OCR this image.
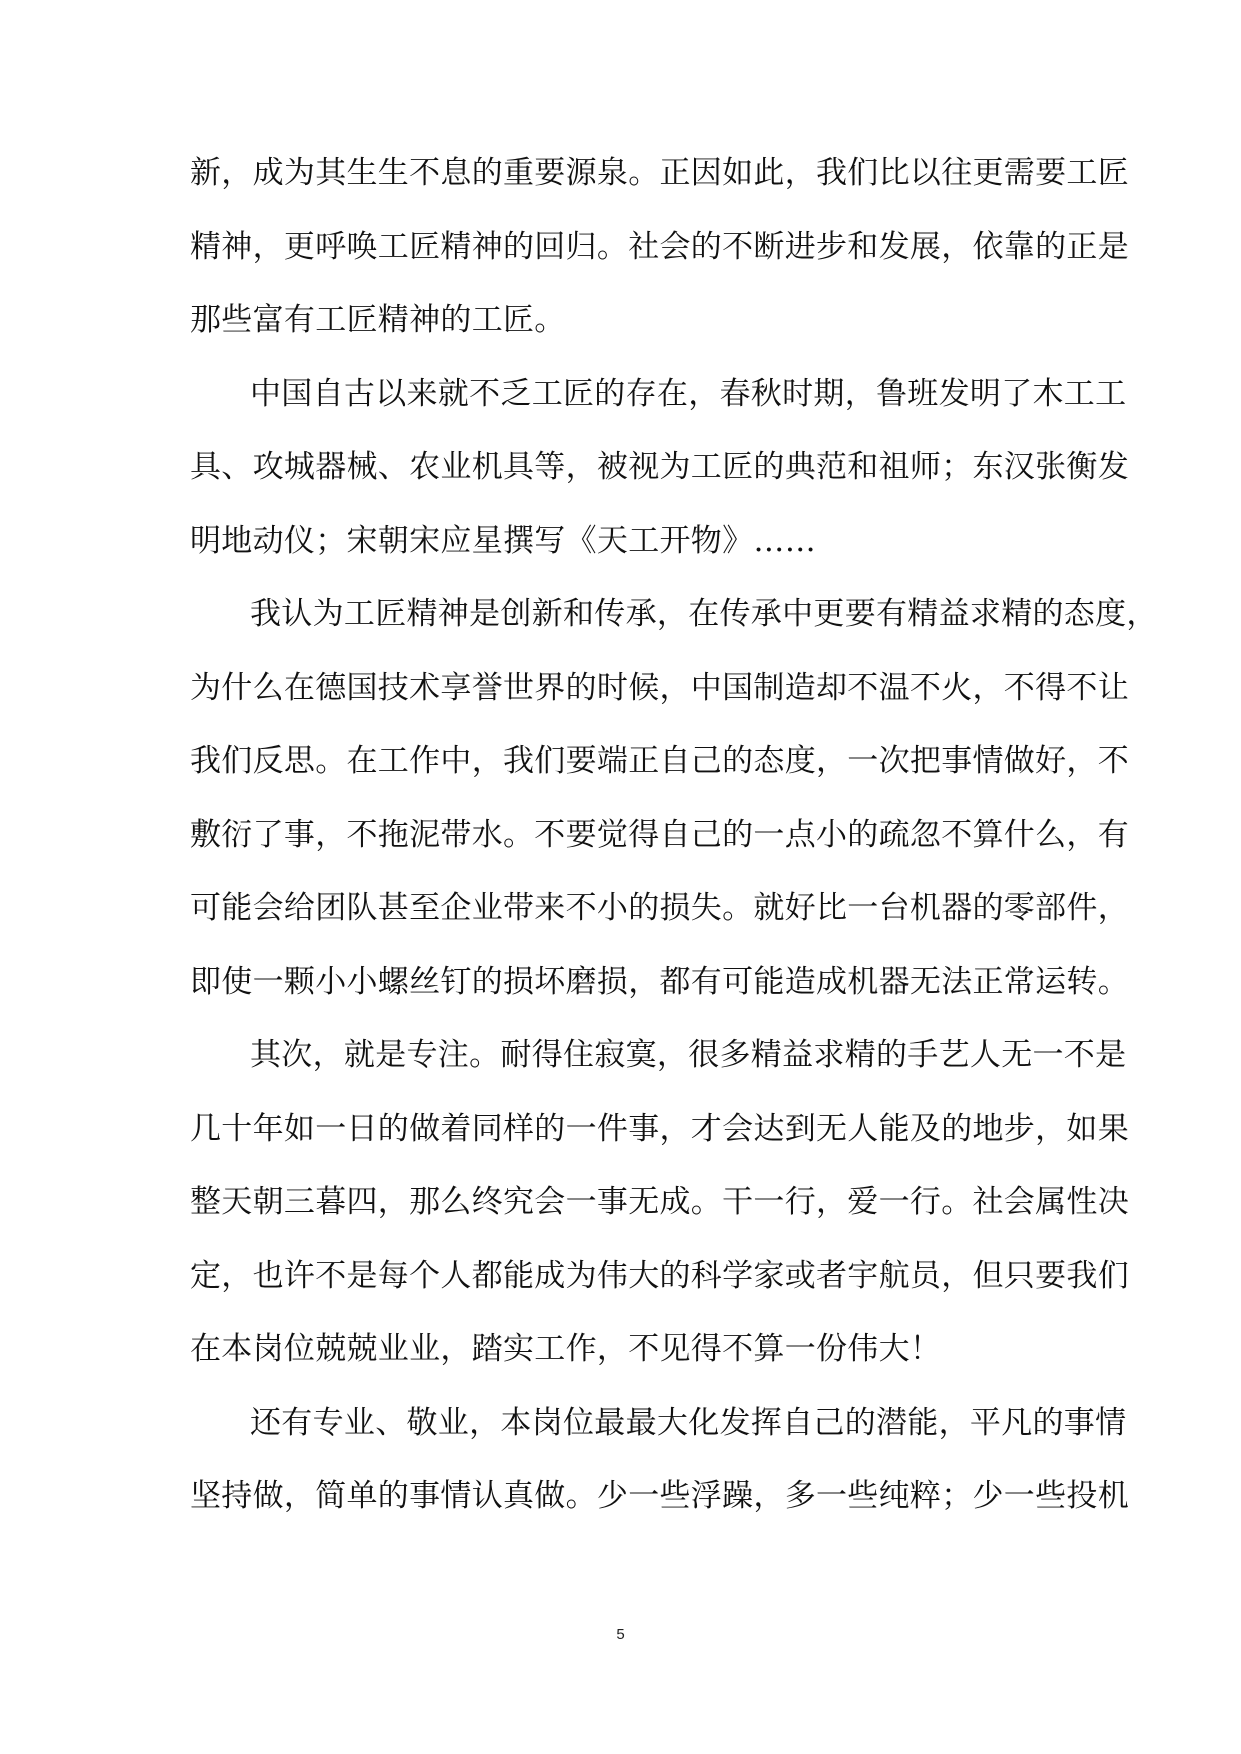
新，成为其生生不息的重要源泉。正因如此，我们比以往更需要工匠
精神，更呼唤工匠精神的回归。社会的不断进步和发展，依靠的正是
那些富有工匠精神的工匠。
中国自古以来就不乏工匠的存在，春秋时期，鲁班发明了木工工
具、攻城器械、农业机具等，被视为工匠的典范和祖师；东汉张衡发
明地动仪；宋朝宋应星撰写《天工开物》……
我认为工匠精神是创新和传承，在传承中更要有精益求精的态度，
为什么在德国技术享誉世界的时候，中国制造却不温不火，不得不让
我们反思。在工作中，我们要端正自己的态度，一次把事情做好，不
敷衍了事，不拖泥带水。不要觉得自己的一点小的疏忽不算什么，有
可能会给团队甚至企业带来不小的损失。就好比一台机器的零部件，
即使一颗小小螺丝钉的损坏磨损，都有可能造成机器无法正常运转。
其次，就是专注。耐得住寂寞，很多精益求精的手艺人无一不是
几十年如一日的做着同样的一件事，才会达到无人能及的地步，如果
整天朝三暮四，那么终究会一事无成。干一行，爱一行。社会属性决
定，也许不是每个人都能成为伟大的科学家或者宇航员，但只要我们
在本岗位兢兢业业，踏实工作，不见得不算一份伟大！
还有专业、敬业，本岗位最最大化发挥自己的潜能，平凡的事情
坚持做，简单的事情认真做。少一些浮躁，多一些纯粹；少一些投机
5
